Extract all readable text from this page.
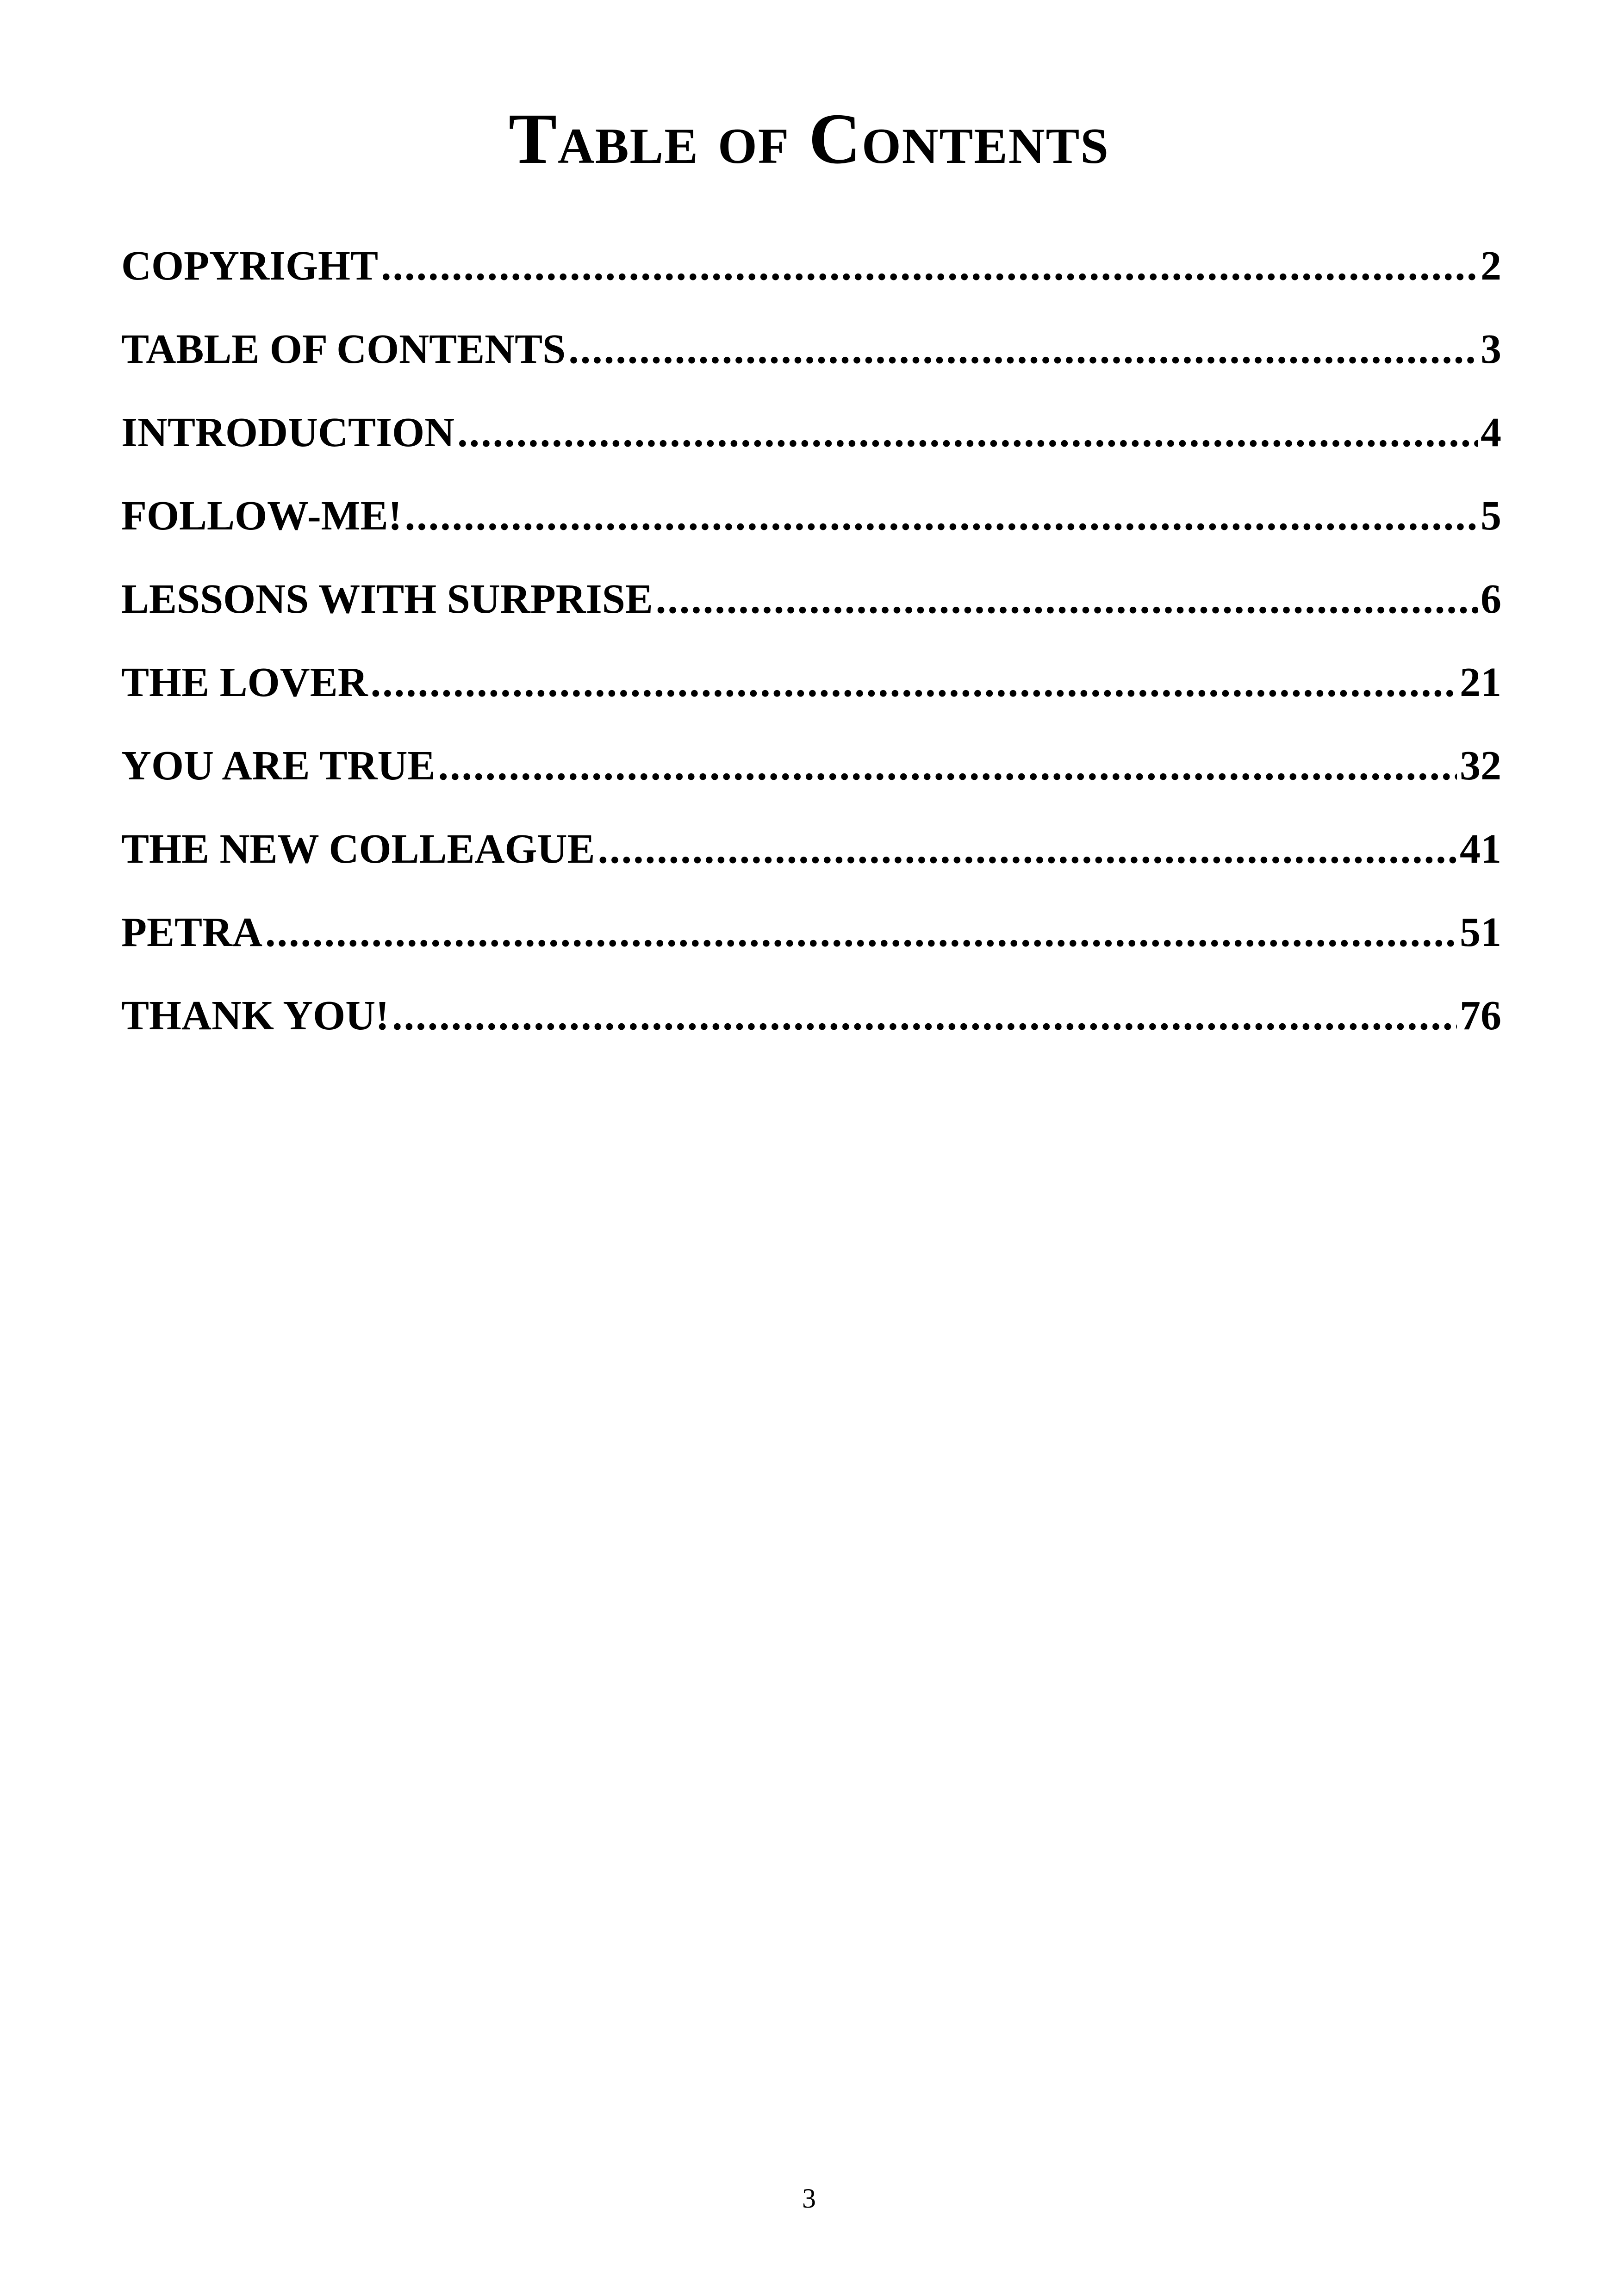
Table of Contents
COPYRIGHT .....	2
TABLE OF CONTENTS .....	3
INTRODUCTION .....	4
FOLLOW-ME! .....	5
LESSONS WITH SURPRISE .....	6
THE LOVER .....	21
YOU ARE TRUE .....	32
THE NEW COLLEAGUE .....	41
PETRA .....	51
THANK YOU! .....	76
3
